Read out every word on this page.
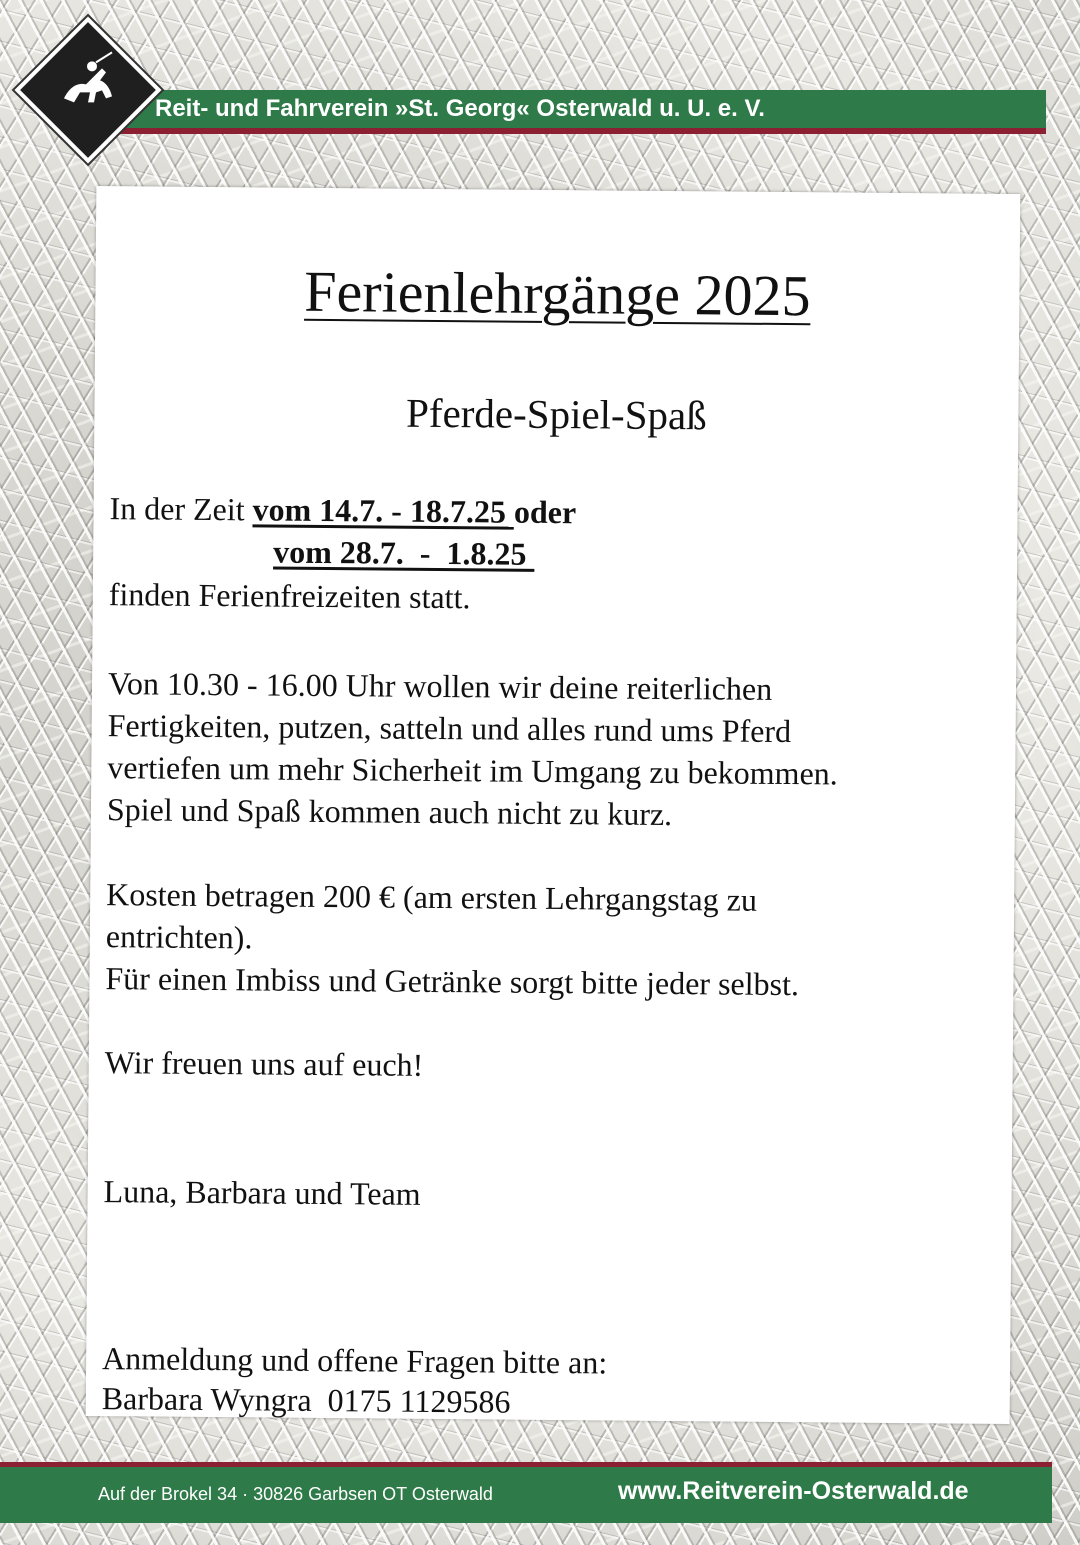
Reit- und Fahrverein »St. Georg« Osterwald u. U. e. V.
Ferienlehrgänge 2025
Pferde-Spiel-Spaß
In der Zeit vom 14.7. - 18.7.25 oder
vom 28.7.  -  1.8.25
finden Ferienfreizeiten statt.
Von 10.30 - 16.00 Uhr wollen wir deine reiterlichen
Fertigkeiten, putzen, satteln und alles rund ums Pferd
vertiefen um mehr Sicherheit im Umgang zu bekommen.
Spiel und Spaß kommen auch nicht zu kurz.
Kosten betragen 200 € (am ersten Lehrgangstag zu
entrichten).
Für einen Imbiss und Getränke sorgt bitte jeder selbst.
Wir freuen uns auf euch!
Luna, Barbara und Team
Anmeldung und offene Fragen bitte an:
Barbara Wyngra  0175 1129586
Auf der Brokel 34 · 30826 Garbsen OT Osterwald	www.Reitverein-Osterwald.de
